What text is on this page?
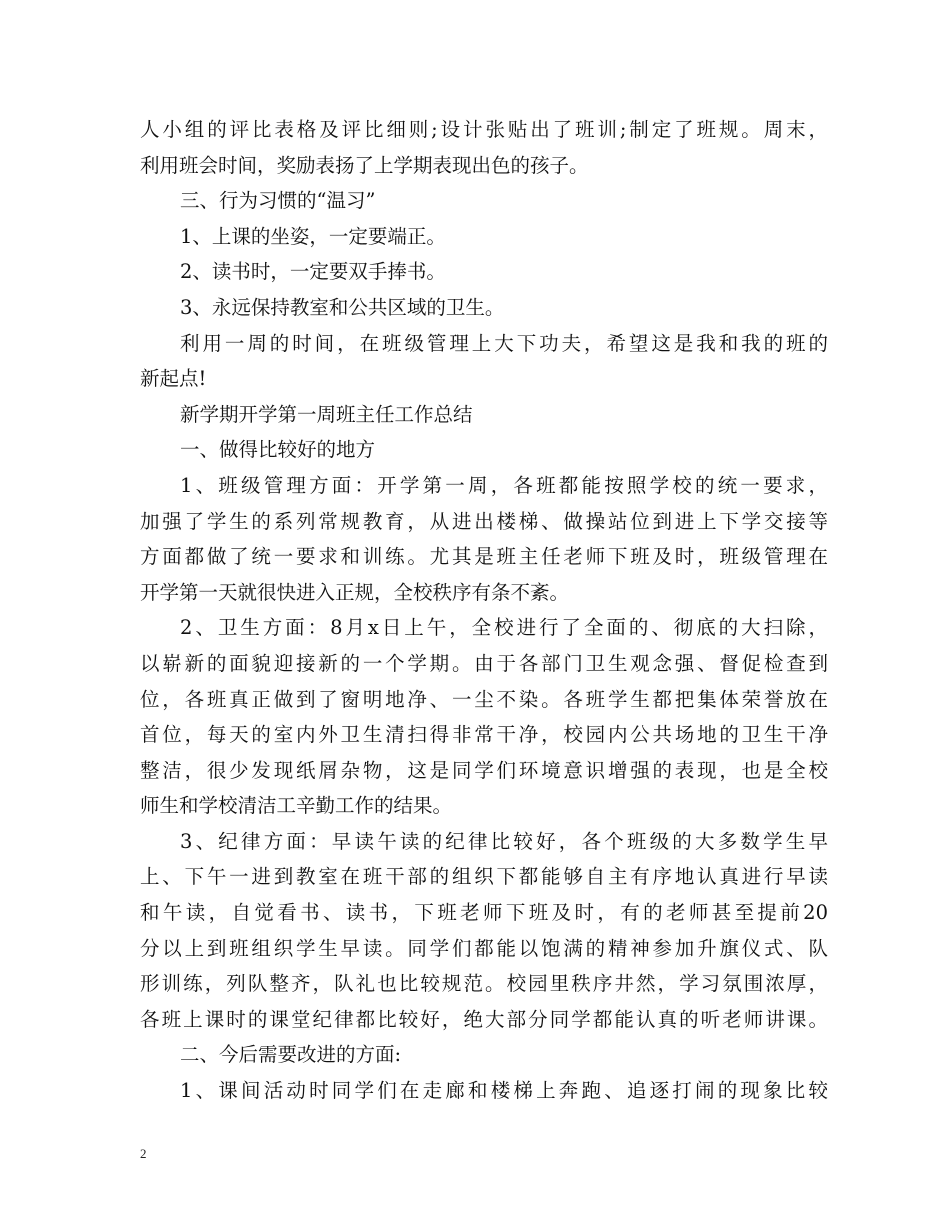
人小组的评比表格及评比细则;设计张贴出了班训;制定了班规。周末，
利用班会时间，奖励表扬了上学期表现出色的孩子。
三、行为习惯的“温习”
1、上课的坐姿，一定要端正。
2、读书时，一定要双手捧书。
3、永远保持教室和公共区域的卫生。
利用一周的时间，在班级管理上大下功夫，希望这是我和我的班的
新起点!
新学期开学第一周班主任工作总结
一、做得比较好的地方
1、班级管理方面：开学第一周，各班都能按照学校的统一要求，
加强了学生的系列常规教育，从进出楼梯、做操站位到进上下学交接等
方面都做了统一要求和训练。尤其是班主任老师下班及时，班级管理在
开学第一天就很快进入正规，全校秩序有条不紊。
2、卫生方面：8月x日上午，全校进行了全面的、彻底的大扫除，
以崭新的面貌迎接新的一个学期。由于各部门卫生观念强、督促检查到
位，各班真正做到了窗明地净、一尘不染。各班学生都把集体荣誉放在
首位，每天的室内外卫生清扫得非常干净，校园内公共场地的卫生干净
整洁，很少发现纸屑杂物，这是同学们环境意识增强的表现，也是全校
师生和学校清洁工辛勤工作的结果。
3、纪律方面：早读午读的纪律比较好，各个班级的大多数学生早
上、下午一进到教室在班干部的组织下都能够自主有序地认真进行早读
和午读，自觉看书、读书，下班老师下班及时，有的老师甚至提前20
分以上到班组织学生早读。同学们都能以饱满的精神参加升旗仪式、队
形训练，列队整齐，队礼也比较规范。校园里秩序井然，学习氛围浓厚，
各班上课时的课堂纪律都比较好，绝大部分同学都能认真的听老师讲课。
二、今后需要改进的方面:
1、课间活动时同学们在走廊和楼梯上奔跑、追逐打闹的现象比较
2
